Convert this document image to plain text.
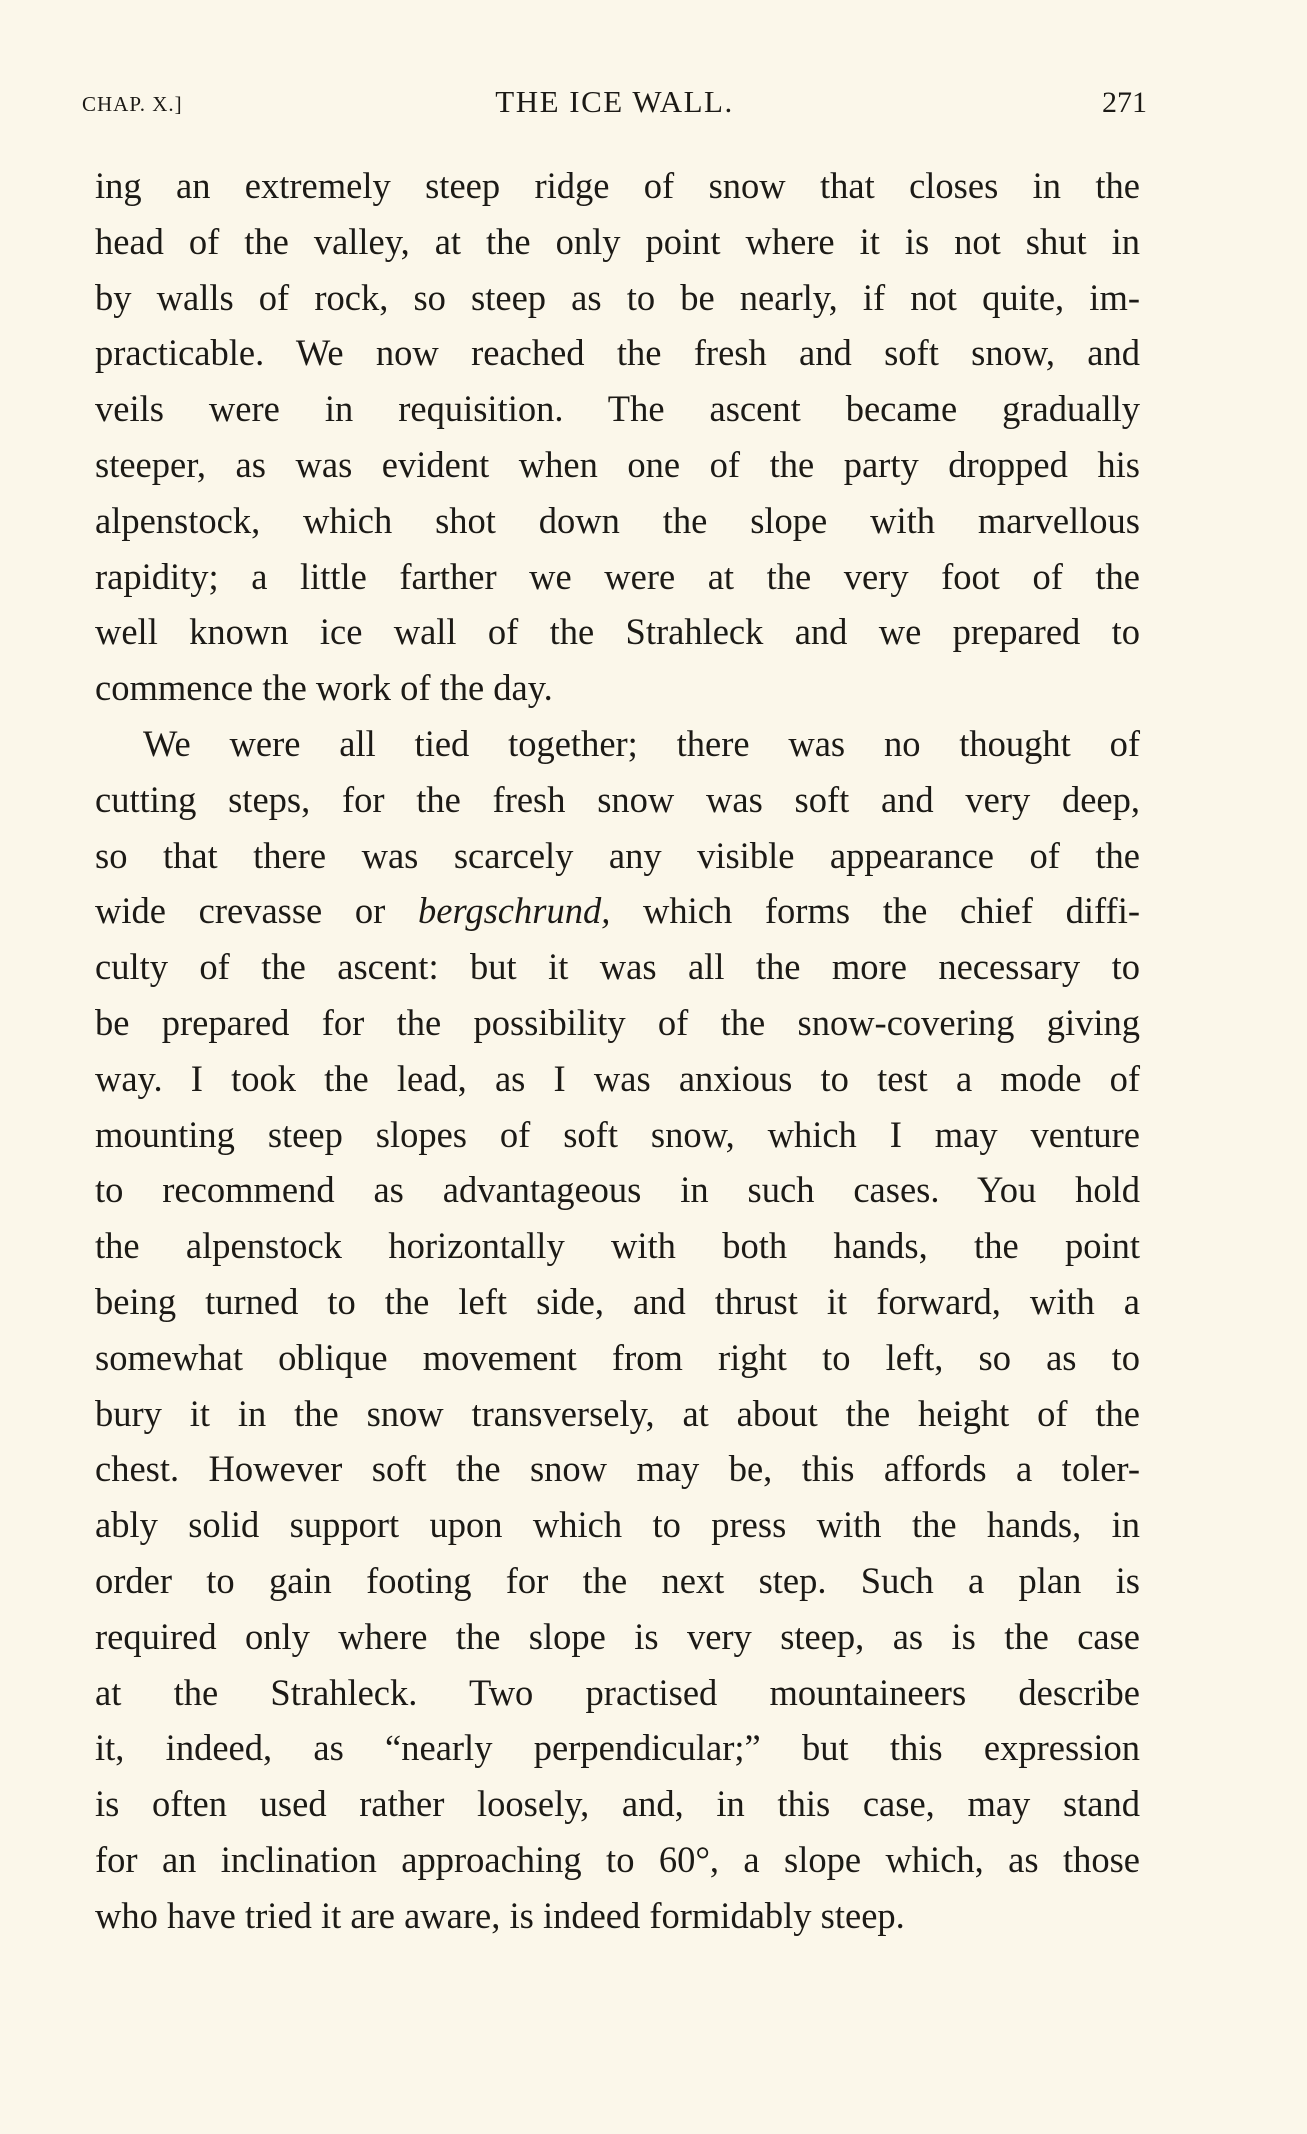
CHAP. X.]	THE ICE WALL.	271
ing an extremely steep ridge of snow that closes in the
head of the valley, at the only point where it is not shut in
by walls of rock, so steep as to be nearly, if not quite, im-
practicable. We now reached the fresh and soft snow, and
veils were in requisition. The ascent became gradually
steeper, as was evident when one of the party dropped his
alpenstock, which shot down the slope with marvellous
rapidity; a little farther we were at the very foot of the
well known ice wall of the Strahleck and we prepared to
commence the work of the day.
We were all tied together; there was no thought of
cutting steps, for the fresh snow was soft and very deep,
so that there was scarcely any visible appearance of the
wide crevasse or bergschrund, which forms the chief diffi-
culty of the ascent: but it was all the more necessary to
be prepared for the possibility of the snow-covering giving
way. I took the lead, as I was anxious to test a mode of
mounting steep slopes of soft snow, which I may venture
to recommend as advantageous in such cases. You hold
the alpenstock horizontally with both hands, the point
being turned to the left side, and thrust it forward, with a
somewhat oblique movement from right to left, so as to
bury it in the snow transversely, at about the height of the
chest. However soft the snow may be, this affords a toler-
ably solid support upon which to press with the hands, in
order to gain footing for the next step. Such a plan is
required only where the slope is very steep, as is the case
at the Strahleck. Two practised mountaineers describe
it, indeed, as “nearly perpendicular;” but this expression
is often used rather loosely, and, in this case, may stand
for an inclination approaching to 60°, a slope which, as those
who have tried it are aware, is indeed formidably steep.
